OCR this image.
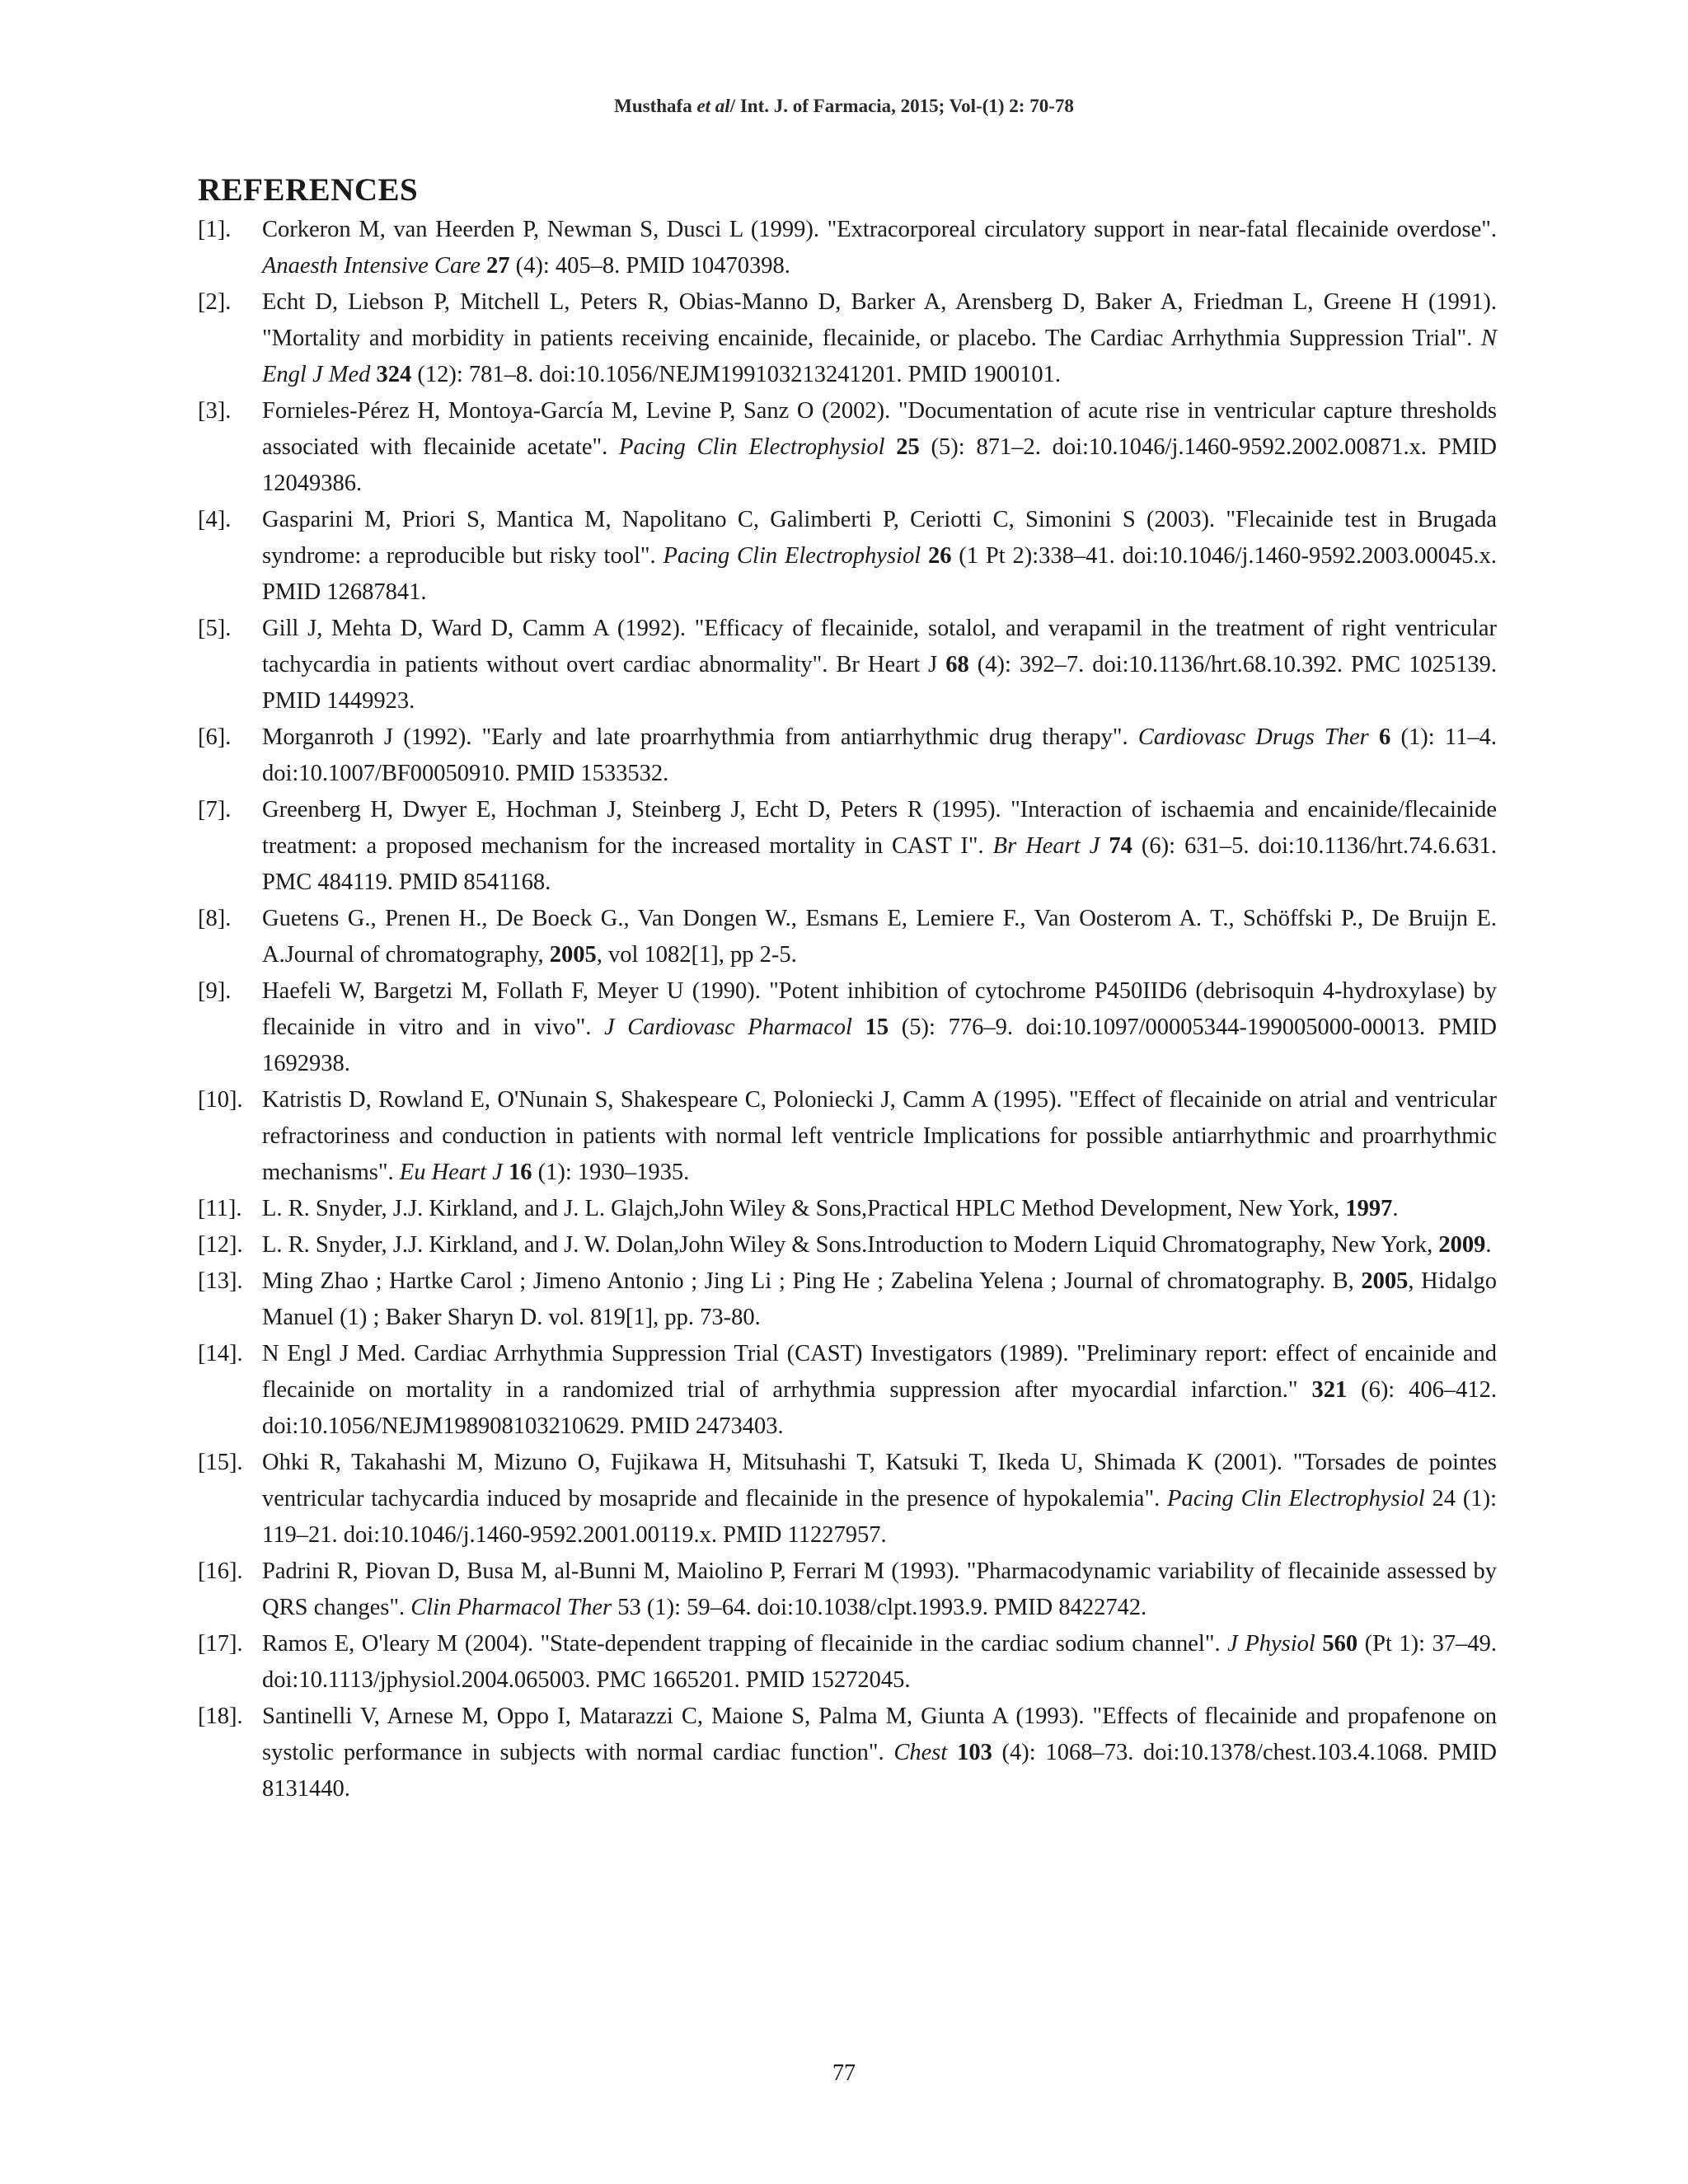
Musthafa et al/ Int. J. of Farmacia, 2015; Vol-(1) 2: 70-78
REFERENCES
[1]. Corkeron M, van Heerden P, Newman S, Dusci L (1999). "Extracorporeal circulatory support in near-fatal flecainide overdose". Anaesth Intensive Care 27 (4): 405–8. PMID 10470398.
[2]. Echt D, Liebson P, Mitchell L, Peters R, Obias-Manno D, Barker A, Arensberg D, Baker A, Friedman L, Greene H (1991). "Mortality and morbidity in patients receiving encainide, flecainide, or placebo. The Cardiac Arrhythmia Suppression Trial". N Engl J Med 324 (12): 781–8. doi:10.1056/NEJM199103213241201. PMID 1900101.
[3]. Fornieles-Pérez H, Montoya-García M, Levine P, Sanz O (2002). "Documentation of acute rise in ventricular capture thresholds associated with flecainide acetate". Pacing Clin Electrophysiol 25 (5): 871–2. doi:10.1046/j.1460-9592.2002.00871.x. PMID 12049386.
[4]. Gasparini M, Priori S, Mantica M, Napolitano C, Galimberti P, Ceriotti C, Simonini S (2003). "Flecainide test in Brugada syndrome: a reproducible but risky tool". Pacing Clin Electrophysiol 26 (1 Pt 2):338–41. doi:10.1046/j.1460-9592.2003.00045.x. PMID 12687841.
[5]. Gill J, Mehta D, Ward D, Camm A (1992). "Efficacy of flecainide, sotalol, and verapamil in the treatment of right ventricular tachycardia in patients without overt cardiac abnormality". Br Heart J 68 (4): 392–7. doi:10.1136/hrt.68.10.392. PMC 1025139. PMID 1449923.
[6]. Morganroth J (1992). "Early and late proarrhythmia from antiarrhythmic drug therapy". Cardiovasc Drugs Ther 6 (1): 11–4. doi:10.1007/BF00050910. PMID 1533532.
[7]. Greenberg H, Dwyer E, Hochman J, Steinberg J, Echt D, Peters R (1995). "Interaction of ischaemia and encainide/flecainide treatment: a proposed mechanism for the increased mortality in CAST I". Br Heart J 74 (6): 631–5. doi:10.1136/hrt.74.6.631. PMC 484119. PMID 8541168.
[8]. Guetens G., Prenen H., De Boeck G., Van Dongen W., Esmans E, Lemiere F., Van Oosterom A. T., Schöffski P., De Bruijn E. A.Journal of chromatography, 2005, vol 1082[1], pp 2-5.
[9]. Haefeli W, Bargetzi M, Follath F, Meyer U (1990). "Potent inhibition of cytochrome P450IID6 (debrisoquin 4-hydroxylase) by flecainide in vitro and in vivo". J Cardiovasc Pharmacol 15 (5): 776–9. doi:10.1097/00005344-199005000-00013. PMID 1692938.
[10]. Katristis D, Rowland E, O'Nunain S, Shakespeare C, Poloniecki J, Camm A (1995). "Effect of flecainide on atrial and ventricular refractoriness and conduction in patients with normal left ventricle Implications for possible antiarrhythmic and proarrhythmic mechanisms". Eu Heart J 16 (1): 1930–1935.
[11]. L. R. Snyder, J.J. Kirkland, and J. L. Glajch,John Wiley & Sons,Practical HPLC Method Development, New York, 1997.
[12]. L. R. Snyder, J.J. Kirkland, and J. W. Dolan,John Wiley & Sons.Introduction to Modern Liquid Chromatography, New York, 2009.
[13]. Ming Zhao ; Hartke Carol ; Jimeno Antonio ; Jing Li ; Ping He ; Zabelina Yelena ; Journal of chromatography. B, 2005, Hidalgo Manuel (1) ; Baker Sharyn D. vol. 819[1], pp. 73-80.
[14]. N Engl J Med. Cardiac Arrhythmia Suppression Trial (CAST) Investigators (1989). "Preliminary report: effect of encainide and flecainide on mortality in a randomized trial of arrhythmia suppression after myocardial infarction." 321 (6): 406–412. doi:10.1056/NEJM198908103210629. PMID 2473403.
[15]. Ohki R, Takahashi M, Mizuno O, Fujikawa H, Mitsuhashi T, Katsuki T, Ikeda U, Shimada K (2001). "Torsades de pointes ventricular tachycardia induced by mosapride and flecainide in the presence of hypokalemia". Pacing Clin Electrophysiol 24 (1): 119–21. doi:10.1046/j.1460-9592.2001.00119.x. PMID 11227957.
[16]. Padrini R, Piovan D, Busa M, al-Bunni M, Maiolino P, Ferrari M (1993). "Pharmacodynamic variability of flecainide assessed by QRS changes". Clin Pharmacol Ther 53 (1): 59–64. doi:10.1038/clpt.1993.9. PMID 8422742.
[17]. Ramos E, O'leary M (2004). "State-dependent trapping of flecainide in the cardiac sodium channel". J Physiol 560 (Pt 1): 37–49. doi:10.1113/jphysiol.2004.065003. PMC 1665201. PMID 15272045.
[18]. Santinelli V, Arnese M, Oppo I, Matarazzi C, Maione S, Palma M, Giunta A (1993). "Effects of flecainide and propafenone on systolic performance in subjects with normal cardiac function". Chest 103 (4): 1068–73. doi:10.1378/chest.103.4.1068. PMID 8131440.
77
